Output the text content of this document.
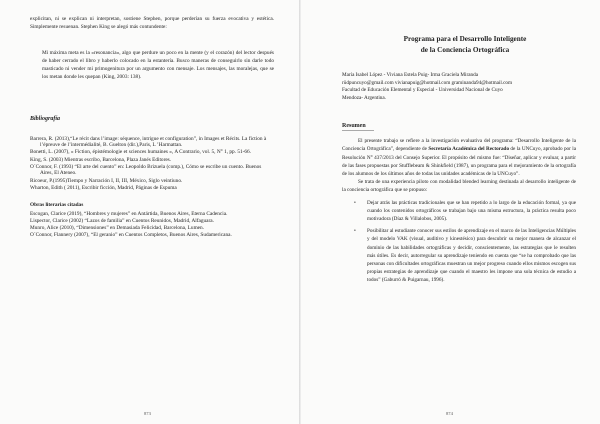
explicitan, ni se explican ni interpretan, sostiene Stephen, porque perderían su fuerza evocativa y estética. Simplemente resuenan. Stephen King se alegó más contundente:

Mi máxima meta es la «resonancia», algo que perdure un poco en la mente (y el corazón) del lector después de haber cerrado el libro y haberlo colocado en la estantería. Busco maneras de conseguirlo sin darle todo masticado ni vender mi primogenitura por un argumento con mensaje. Los mensajes, las moralejas, que se los metan donde les quepan (King, 2003: 138).

Bibliografía
Barrera, R. (2013),“Le récit dans l’image: séquence, intrigue et configuration”, in Images et Récits. La fiction à l’épreuve de l’intermédialité, B. Guelton (dir.),Paris, L ’Harmattan.
Bonetti, L. (2007), « Fiction, épistémologie et sciences humaines », A Contrario, vol. 5, N° 1, pp. 51-66.
King, S. (2003) Mientras escribo, Barcelona, Plaza Janés Editores.
O´Connor, F. (1993) “El arte del cuento” en: Leopoldo Brizuela (comp.), Cómo se escribe un cuento. Buenos Aires, El Ateneo.
Ricoeur, P.(1995)Tiempo y Narración I, II, III, México, Siglo veintiuno.
Wharton, Edith ( 2011), Escribir ficción, Madrid, Páginas de Espuma
Obras literarias citadas
Escogan, Clarice (2019), “Hombres y mujeres” en Antártida, Buenos Aires, Eterna Cadencia.
Lispector, Clarice (2002) “Lazos de familia” en Cuentos Reunidos, Madrid, Alfaguara.
Munro, Alice (2010), “Dimensiones” en Demasiada Felicidad, Barcelona, Lumen.
O´Connor, Flannery (2007), “El geranio” en Cuentos Completos, Buenos Aires, Sudamericana.
873
Programa para el Desarrollo Inteligente
de la Conciencia Ortográfica
María Isabel López - Viviana Estela Puig- Irma Graciela Miranda
rüdpuncuyo@gmail.com vivianapuig@hotmail.com graminanda94@hotmail.com
Facultad de Educación Elemental y Especial - Universidad Nacional de Cuyo
Mendoza- Argentina.
Resumen

El presente trabajo se refiere a la investigación evaluativa del programa: “Desarrollo Inteligente de la Conciencia Ortográfica”, dependiente de Secretaría Académica del Rectorado de la UNCuyo, aprobado por la Resolución N° 437/2013 del Consejo Superior. El propósito del mismo fue: “Diseñar, aplicar y evaluar, a partir de las fases propuestas por Stufflebeam & Shinkfield (1987), un programa para el mejoramiento de la ortografía de los alumnos de los últimos años de todas las unidades académicas de la UNCuyo”.

Se trata de una experiencia piloto con modalidad blended learning destinada al desarrollo inteligente de la conciencia ortográfica que se propuso:

• Dejar atrás las prácticas tradicionales que se han repetido a lo largo de la educación formal, ya que cuando los contenidos ortográficos se trabajan bajo una misma estructura, la práctica resulta poco motivadora (Díaz & Villalobos, 2005).
• Posibilitar al estudiante conocer sus estilos de aprendizaje en el marco de las Inteligencias Múltiples y del modelo VAK (visual, auditivo y kinestésico) para descubrir su mejor manera de alcanzar el dominio de las habilidades ortográficas y decidir, conscientemente, las estrategias que le resulten más útiles. Es decir, autorregular su aprendizaje teniendo en cuenta que “se ha comprobado que las personas con dificultades ortográficas muestran un mejor progreso cuando ellos mismos escogen sus propias estrategias de aprendizaje que cuando el maestro les impone una sola técnica de estudio a todos” (Gaburró & Puigarnau, 1996).
874
